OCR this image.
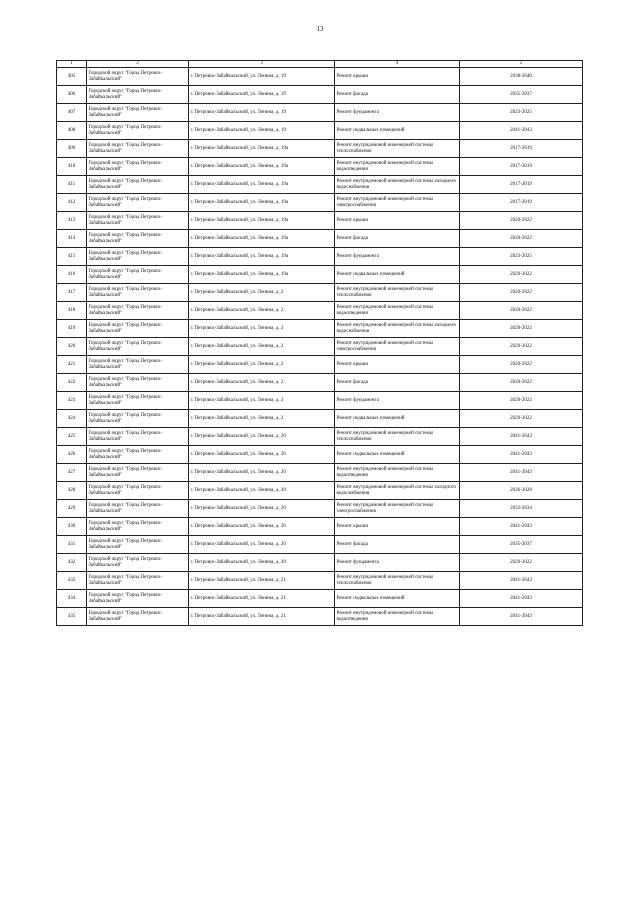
13
1	2	3	4	5
405	Городской округ "Город Петровск-Забайкальский"	г. Петровск-Забайкальский, ул. Ленина, д. 19	Ремонт крыши	2038-2040
406	Городской округ "Город Петровск-Забайкальский"	г. Петровск-Забайкальский, ул. Ленина, д. 19	Ремонт фасада	2035-2037
407	Городской округ "Город Петровск-Забайкальский"	г. Петровск-Забайкальский, ул. Ленина, д. 19	Ремонт фундамента	2023-2025
408	Городской округ "Город Петровск-Забайкальский"	г. Петровск-Забайкальский, ул. Ленина, д. 19	Ремонт подвальных помещений	2041-2043
409	Городской округ "Город Петровск-Забайкальский"	г. Петровск-Забайкальский, ул. Ленина, д. 19а	Ремонт внутридомовой инженерной системы теплоснабжения	2017-2019
410	Городской округ "Город Петровск-Забайкальский"	г. Петровск-Забайкальский, ул. Ленина, д. 19а	Ремонт внутридомовой инженерной системы водоотведения	2017-2019
411	Городской округ "Город Петровск-Забайкальский"	г. Петровск-Забайкальский, ул. Ленина, д. 19а	Ремонт внутридомовой инженерной системы холодного водоснабжения	2017-2019
412	Городской округ "Город Петровск-Забайкальский"	г. Петровск-Забайкальский, ул. Ленина, д. 19а	Ремонт внутридомовой инженерной системы электроснабжения	2017-2019
413	Городской округ "Город Петровск-Забайкальский"	г. Петровск-Забайкальский, ул. Ленина, д. 19а	Ремонт крыши	2020-2022
414	Городской округ "Город Петровск-Забайкальский"	г. Петровск-Забайкальский, ул. Ленина, д. 19а	Ремонт фасада	2020-2022
415	Городской округ "Город Петровск-Забайкальский"	г. Петровск-Забайкальский, ул. Ленина, д. 19а	Ремонт фундамента	2023-2025
416	Городской округ "Город Петровск-Забайкальский"	г. Петровск-Забайкальский, ул. Ленина, д. 19а	Ремонт подвальных помещений	2020-2022
417	Городской округ "Город Петровск-Забайкальский"	г. Петровск-Забайкальский, ул. Ленина, д. 2	Ремонт внутридомовой инженерной системы теплоснабжения	2020-2022
418	Городской округ "Город Петровск-Забайкальский"	г. Петровск-Забайкальский, ул. Ленина, д. 2	Ремонт внутридомовой инженерной системы водоотведения	2020-2022
419	Городской округ "Город Петровск-Забайкальский"	г. Петровск-Забайкальский, ул. Ленина, д. 2	Ремонт внутридомовой инженерной системы холодного водоснабжения	2020-2022
420	Городской округ "Город Петровск-Забайкальский"	г. Петровск-Забайкальский, ул. Ленина, д. 2	Ремонт внутридомовой инженерной системы электроснабжения	2020-2022
421	Городской округ "Город Петровск-Забайкальский"	г. Петровск-Забайкальский, ул. Ленина, д. 2	Ремонт крыши	2020-2022
422	Городской округ "Город Петровск-Забайкальский"	г. Петровск-Забайкальский, ул. Ленина, д. 2	Ремонт фасада	2020-2022
423	Городской округ "Город Петровск-Забайкальский"	г. Петровск-Забайкальский, ул. Ленина, д. 2	Ремонт фундамента	2020-2022
424	Городской округ "Город Петровск-Забайкальский"	г. Петровск-Забайкальский, ул. Ленина, д. 2	Ремонт подвальных помещений	2020-2022
425	Городской округ "Город Петровск-Забайкальский"	г. Петровск-Забайкальский, ул. Ленина, д. 20	Ремонт внутридомовой инженерной системы теплоснабжения	2041-2043
426	Городской округ "Город Петровск-Забайкальский"	г. Петровск-Забайкальский, ул. Ленина, д. 20	Ремонт подвальных помещений	2041-2043
427	Городской округ "Город Петровск-Забайкальский"	г. Петровск-Забайкальский, ул. Ленина, д. 20	Ремонт внутридомовой инженерной системы водоотведения	2041-2043
428	Городской округ "Город Петровск-Забайкальский"	г. Петровск-Забайкальский, ул. Ленина, д. 20	Ремонт внутридомовой инженерной системы холодного водоснабжения	2026-2028
429	Городской округ "Город Петровск-Забайкальский"	г. Петровск-Забайкальский, ул. Ленина, д. 20	Ремонт внутридомовой инженерной системы электроснабжения	2032-2034
430	Городской округ "Город Петровск-Забайкальский"	г. Петровск-Забайкальский, ул. Ленина, д. 20	Ремонт крыши	2041-2043
431	Городской округ "Город Петровск-Забайкальский"	г. Петровск-Забайкальский, ул. Ленина, д. 20	Ремонт фасада	2035-2037
432	Городской округ "Город Петровск-Забайкальский"	г. Петровск-Забайкальский, ул. Ленина, д. 20	Ремонт фундамента	2020-2022
433	Городской округ "Город Петровск-Забайкальский"	г. Петровск-Забайкальский, ул. Ленина, д. 21	Ремонт внутридомовой инженерной системы теплоснабжения	2041-2043
434	Городской округ "Город Петровск-Забайкальский"	г. Петровск-Забайкальский, ул. Ленина, д. 21	Ремонт подвальных помещений	2041-2043
435	Городской округ "Город Петровск-Забайкальский"	г. Петровск-Забайкальский, ул. Ленина, д. 21	Ремонт внутридомовой инженерной системы водоотведения	2041-2043
